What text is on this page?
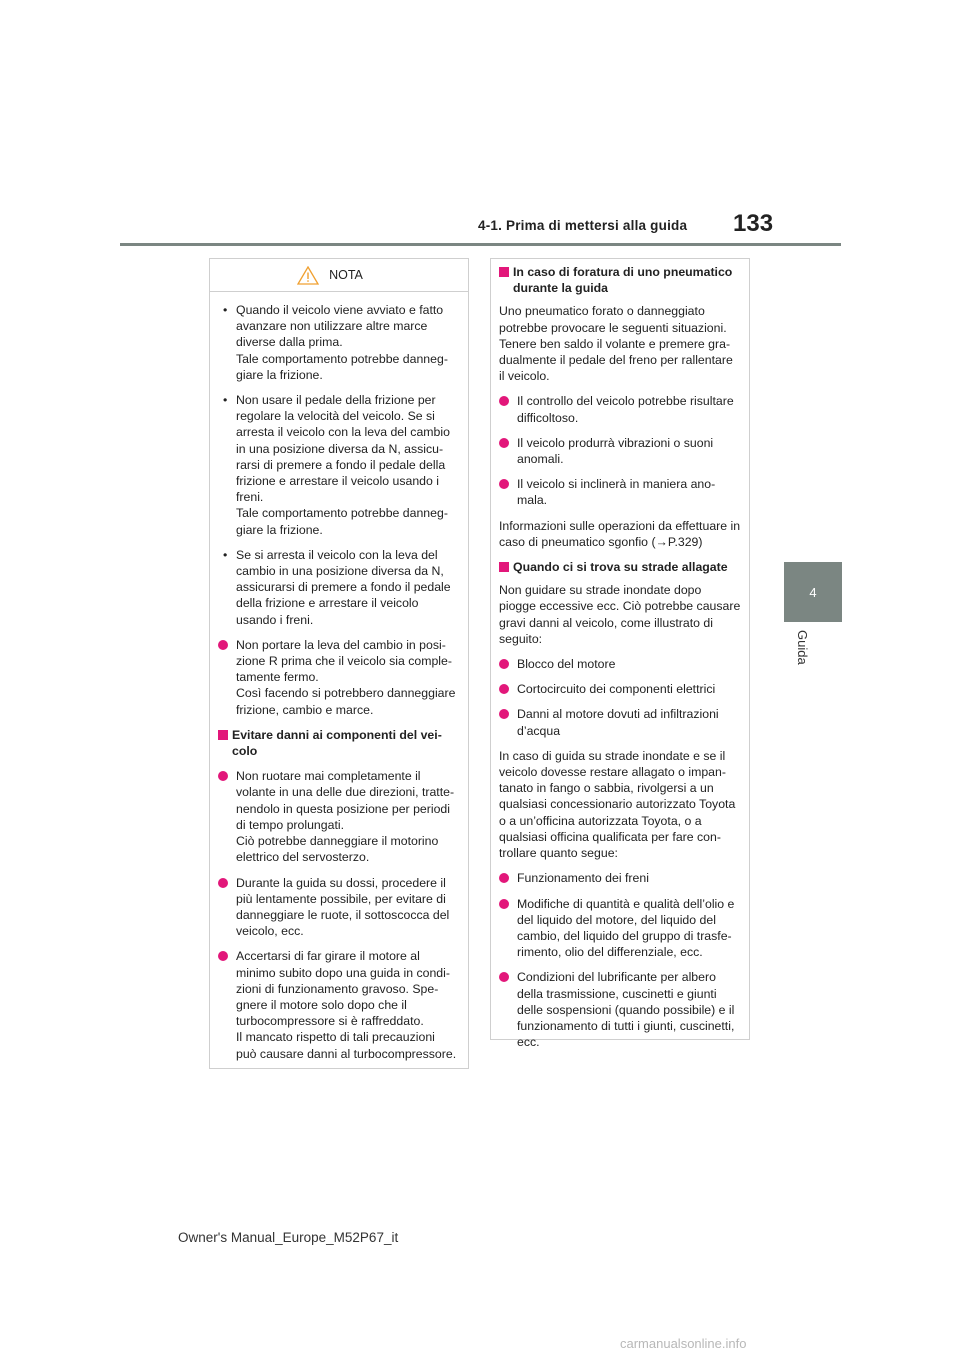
4-1. Prima di mettersi alla guida 133
4
Guida
NOTA
• Quando il veicolo viene avviato e fatto avanzare non utilizzare altre marce diverse dalla prima.
Tale comportamento potrebbe danneggiare la frizione.
• Non usare il pedale della frizione per regolare la velocità del veicolo. Se si arresta il veicolo con la leva del cambio in una posizione diversa da N, assicurarsi di premere a fondo il pedale della frizione e arrestare il veicolo usando i freni.
Tale comportamento potrebbe danneggiare la frizione.
• Se si arresta il veicolo con la leva del cambio in una posizione diversa da N, assicurarsi di premere a fondo il pedale della frizione e arrestare il veicolo usando i freni.
Non portare la leva del cambio in posizione R prima che il veicolo sia completamente fermo.
Così facendo si potrebbero danneggiare frizione, cambio e marce.
Evitare danni ai componenti del veicolo
Non ruotare mai completamente il volante in una delle due direzioni, trattenendolo in questa posizione per periodi di tempo prolungati.
Ciò potrebbe danneggiare il motorino elettrico del servosterzo.
Durante la guida su dossi, procedere il più lentamente possibile, per evitare di danneggiare le ruote, il sottoscocca del veicolo, ecc.
Accertarsi di far girare il motore al minimo subito dopo una guida in condizioni di funzionamento gravoso. Spegnere il motore solo dopo che il turbocompressore si è raffreddato.
Il mancato rispetto di tali precauzioni può causare danni al turbocompressore.
In caso di foratura di uno pneumatico durante la guida
Uno pneumatico forato o danneggiato potrebbe provocare le seguenti situazioni. Tenere ben saldo il volante e premere gradualmente il pedale del freno per rallentare il veicolo.
Il controllo del veicolo potrebbe risultare difficoltoso.
Il veicolo produrrà vibrazioni o suoni anomali.
Il veicolo si inclinerà in maniera anomala.
Informazioni sulle operazioni da effettuare in caso di pneumatico sgonfio (→P.329)
Quando ci si trova su strade allagate
Non guidare su strade inondate dopo piogge eccessive ecc. Ciò potrebbe causare gravi danni al veicolo, come illustrato di seguito:
Blocco del motore
Cortocircuito dei componenti elettrici
Danni al motore dovuti ad infiltrazioni d’acqua
In caso di guida su strade inondate e se il veicolo dovesse restare allagato o impantanato in fango o sabbia, rivolgersi a un qualsiasi concessionario autorizzato Toyota o a un’officina autorizzata Toyota, o a qualsiasi officina qualificata per fare controllare quanto segue:
Funzionamento dei freni
Modifiche di quantità e qualità dell’olio e del liquido del motore, del liquido del cambio, del liquido del gruppo di trasferimento, olio del differenziale, ecc.
Condizioni del lubrificante per albero della trasmissione, cuscinetti e giunti delle sospensioni (quando possibile) e il funzionamento di tutti i giunti, cuscinetti, ecc.
Owner's Manual_Europe_M52P67_it
carmanualsonline.info
